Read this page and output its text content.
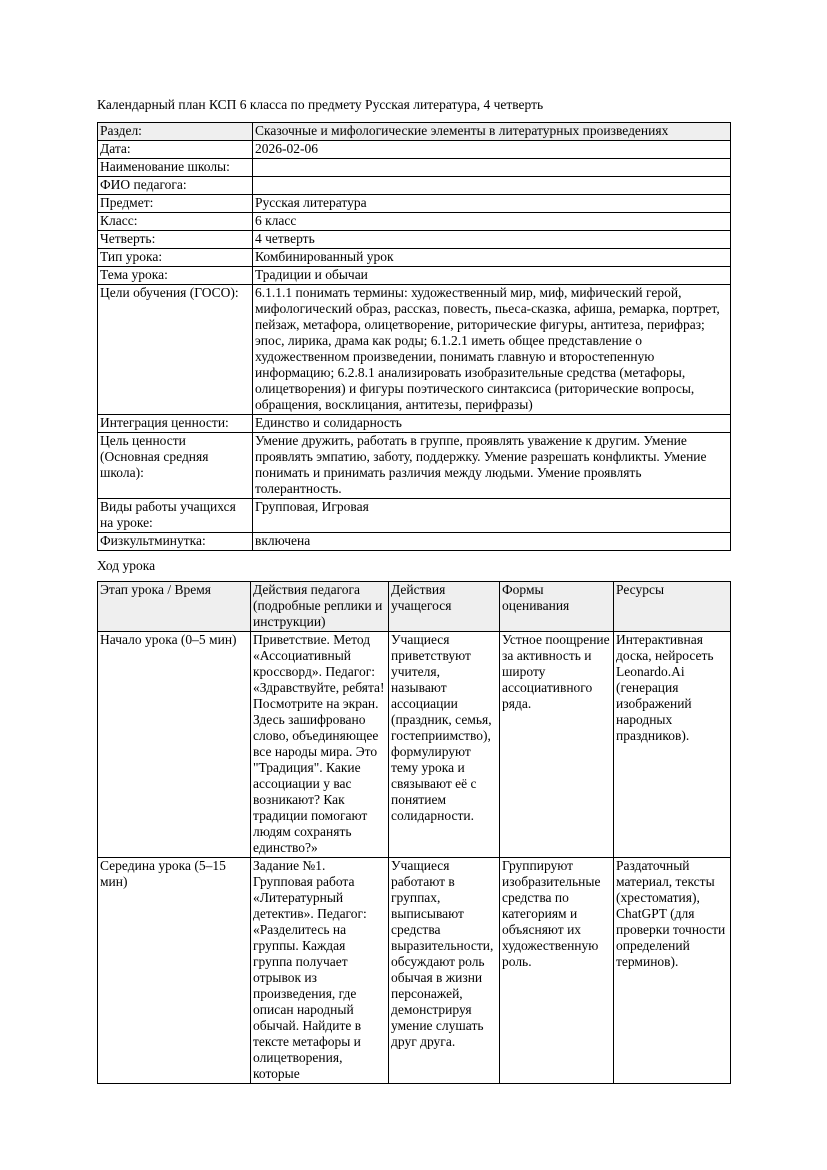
Календарный план КСП 6 класса по предмету Русская литература, 4 четверть

Раздел:	Сказочные и мифологические элементы в литературных произведениях
Дата:	2026-02-06
Наименование школы:	
ФИО педагога:	
Предмет:	Русская литература
Класс:	6 класс
Четверть:	4 четверть
Тип урока:	Комбинированный урок
Тема урока:	Традиции и обычаи
Цели обучения (ГОСО):	6.1.1.1 понимать термины: художественный мир, миф, мифический герой, мифологический образ, рассказ, повесть, пьеса-сказка, афиша, ремарка, портрет, пейзаж, метафора, олицетворение, риторические фигуры, антитеза, перифраз; эпос, лирика, драма как роды; 6.1.2.1 иметь общее представление о художественном произведении, понимать главную и второстепенную информацию; 6.2.8.1 анализировать изобразительные средства (метафоры, олицетворения) и фигуры поэтического синтаксиса (риторические вопросы, обращения, восклицания, антитезы, перифразы)
Интеграция ценности:	Единство и солидарность
Цель ценности (Основная средняя школа):	Умение дружить, работать в группе, проявлять уважение к другим. Умение проявлять эмпатию, заботу, поддержку. Умение разрешать конфликты. Умение понимать и принимать различия между людьми. Умение проявлять толерантность.
Виды работы учащихся на уроке:	Групповая, Игровая
Физкультминутка:	включена

Ход урока

Этап урока / Время	Действия педагога (подробные реплики и инструкции)	Действия учащегося	Формы оценивания	Ресурсы
Начало урока (0–5 мин)	Приветствие. Метод «Ассоциативный кроссворд». Педагог: «Здравствуйте, ребята! Посмотрите на экран. Здесь зашифровано слово, объединяющее все народы мира. Это "Традиция". Какие ассоциации у вас возникают? Как традиции помогают людям сохранять единство?»	Учащиеся приветствуют учителя, называют ассоциации (праздник, семья, гостеприимство), формулируют тему урока и связывают её с понятием солидарности.	Устное поощрение за активность и широту ассоциативного ряда.	Интерактивная доска, нейросеть Leonardo.Ai (генерация изображений народных праздников).
Середина урока (5–15 мин)	Задание №1. Групповая работа «Литературный детектив». Педагог: «Разделитесь на группы. Каждая группа получает отрывок из произведения, где описан народный обычай. Найдите в тексте метафоры и олицетворения, которые	Учащиеся работают в группах, выписывают средства выразительности, обсуждают роль обычая в жизни персонажей, демонстрируя умение слушать друг друга.	Группируют изобразительные средства по категориям и объясняют их художественную роль.	Раздаточный материал, тексты (хрестоматия), ChatGPT (для проверки точности определений терминов).
